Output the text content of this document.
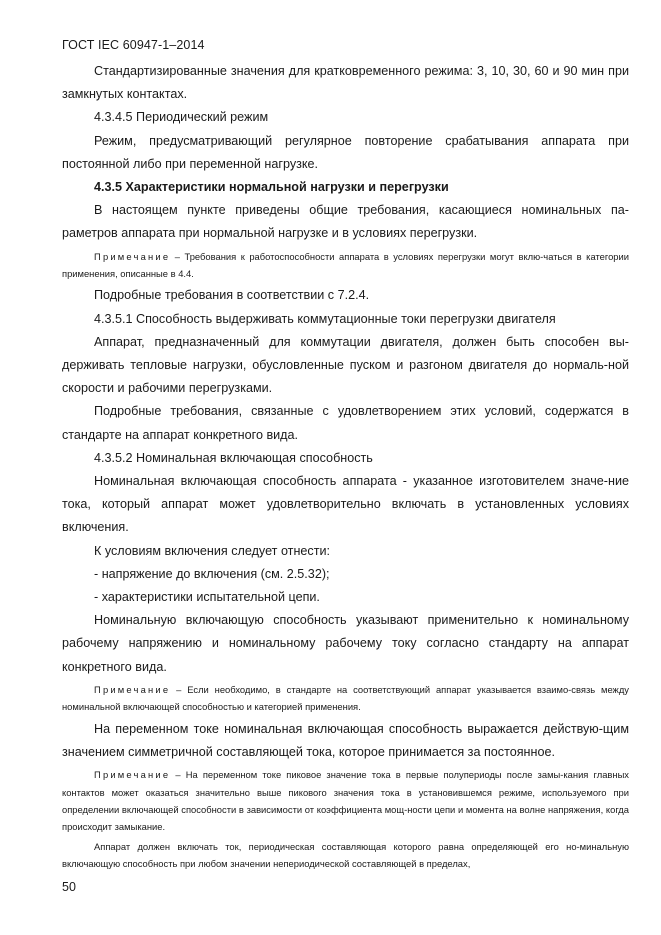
ГОСТ IEC 60947-1–2014

Стандартизированные значения для кратковременного режима: 3, 10, 30, 60 и 90 мин при замкнутых контактах.

4.3.4.5 Периодический режим

Режим, предусматривающий регулярное повторение срабатывания аппарата при постоянной либо при переменной нагрузке.

4.3.5 Характеристики нормальной нагрузки и перегрузки

В настоящем пункте приведены общие требования, касающиеся номинальных па-раметров аппарата при нормальной нагрузке и в условиях перегрузки.

Примечание – Требования к работоспособности аппарата в условиях перегрузки могут вклю-чаться в категории применения, описанные в 4.4.

Подробные требования в соответствии с 7.2.4.

4.3.5.1 Способность выдерживать коммутационные токи перегрузки двигателя

Аппарат, предназначенный для коммутации двигателя, должен быть способен вы-держивать тепловые нагрузки, обусловленные пуском и разгоном двигателя до нормаль-ной скорости и рабочими перегрузками.

Подробные требования, связанные с удовлетворением этих условий, содержатся в стандарте на аппарат конкретного вида.

4.3.5.2 Номинальная включающая способность

Номинальная включающая способность аппарата - указанное изготовителем значе-ние тока, который аппарат может удовлетворительно включать в установленных условиях включения.

К условиям включения следует отнести:

- напряжение до включения (см. 2.5.32);

- характеристики испытательной цепи.

Номинальную включающую способность указывают применительно к номинальному рабочему напряжению и номинальному рабочему току согласно стандарту на аппарат конкретного вида.

Примечание – Если необходимо, в стандарте на соответствующий аппарат указывается взаимо-связь между номинальной включающей способностью и категорией применения.

На переменном токе номинальная включающая способность выражается действую-щим значением симметричной составляющей тока, которое принимается за постоянное.

Примечание – На переменном токе пиковое значение тока в первые полупериоды после замы-кания главных контактов может оказаться значительно выше пикового значения тока в установившемся режиме, используемого при определении включающей способности в зависимости от коэффициента мощ-ности цепи и момента на волне напряжения, когда происходит замыкание.

Аппарат должен включать ток, периодическая составляющая которого равна определяющей его но-минальную включающую способность при любом значении непериодической составляющей в пределах,

50
